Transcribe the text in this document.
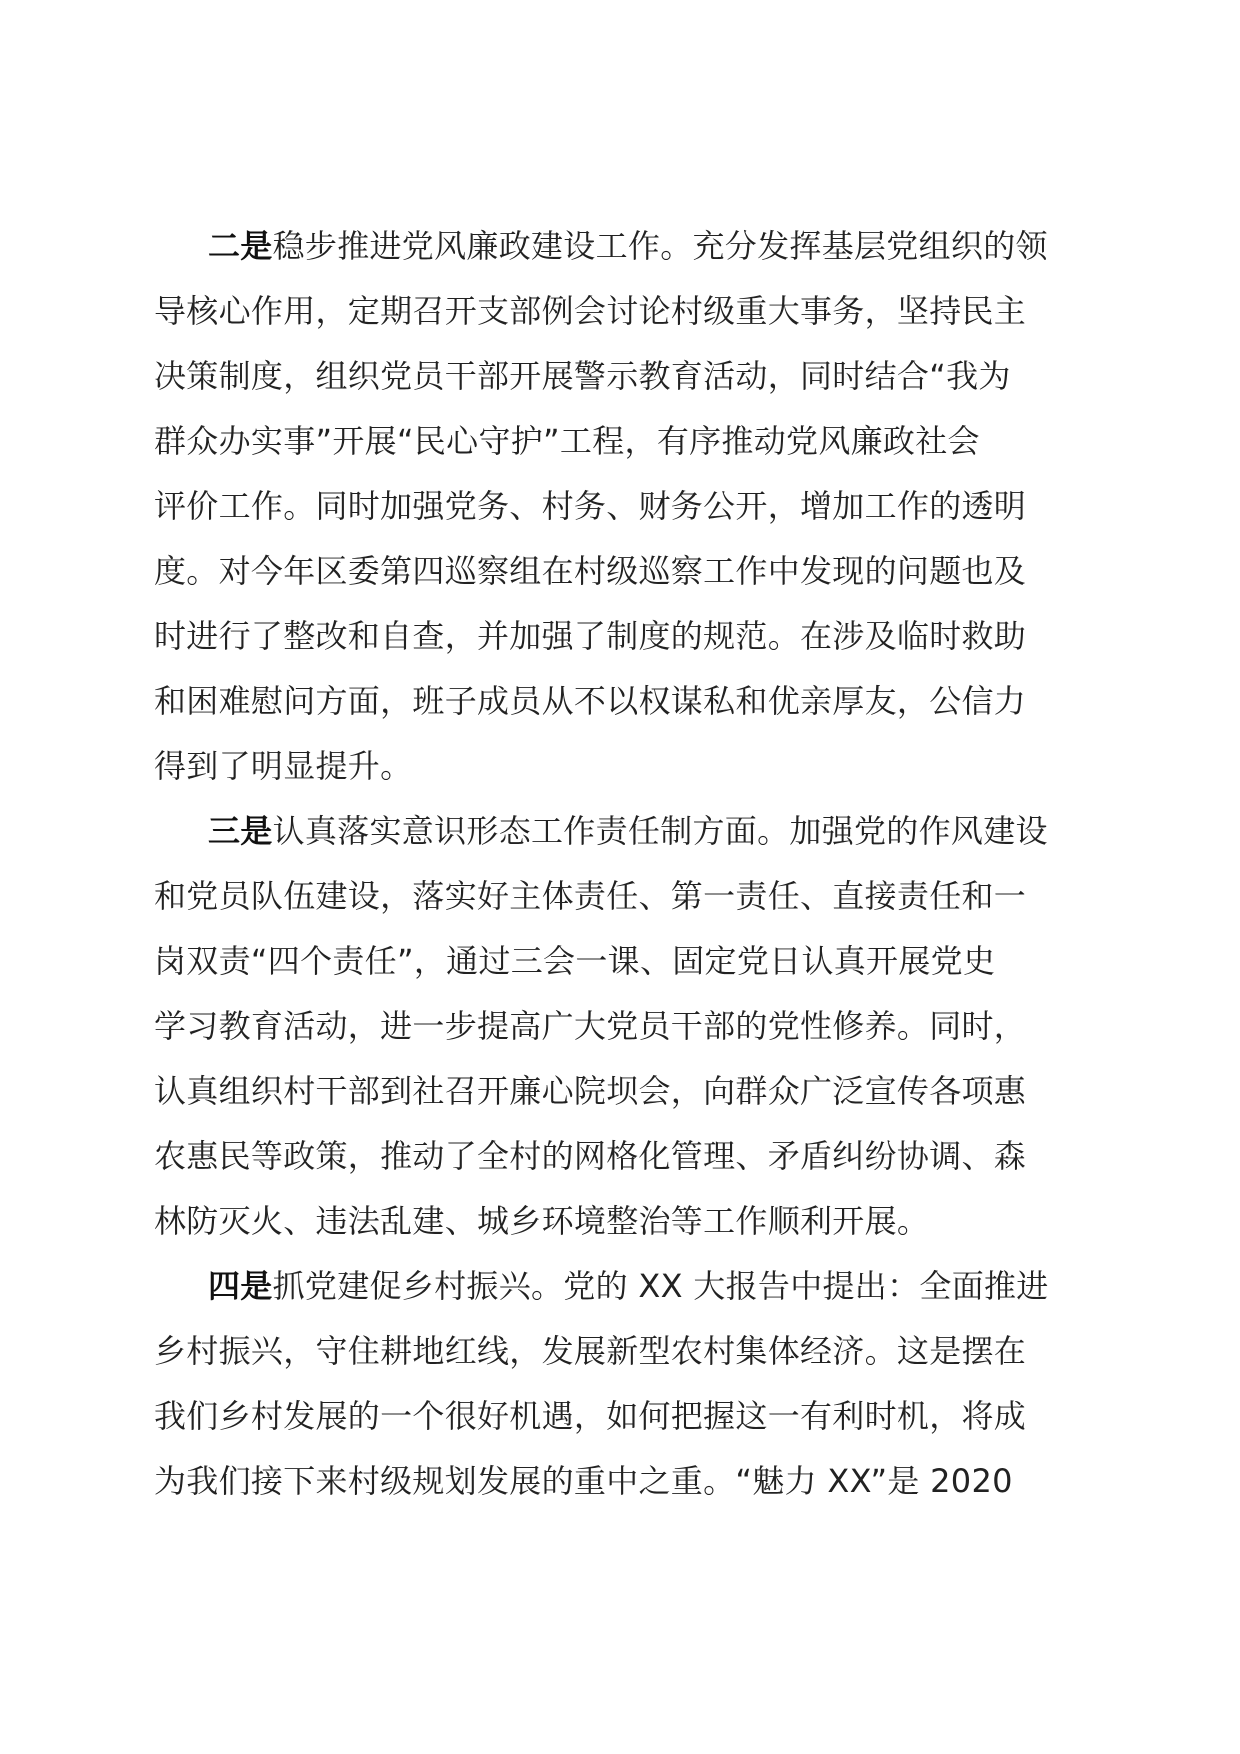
二是稳步推进党风廉政建设工作。充分发挥基层党组织的领
导核心作用，定期召开支部例会讨论村级重大事务，坚持民主
决策制度，组织党员干部开展警示教育活动，同时结合“我为
群众办实事”开展“民心守护”工程，有序推动党风廉政社会
评价工作。同时加强党务、村务、财务公开，增加工作的透明
度。对今年区委第四巡察组在村级巡察工作中发现的问题也及
时进行了整改和自查，并加强了制度的规范。在涉及临时救助
和困难慰问方面，班子成员从不以权谋私和优亲厚友，公信力
得到了明显提升。
三是认真落实意识形态工作责任制方面。加强党的作风建设
和党员队伍建设，落实好主体责任、第一责任、直接责任和一
岗双责“四个责任”，通过三会一课、固定党日认真开展党史
学习教育活动，进一步提高广大党员干部的党性修养。同时，
认真组织村干部到社召开廉心院坝会，向群众广泛宣传各项惠
农惠民等政策，推动了全村的网格化管理、矛盾纠纷协调、森
林防灭火、违法乱建、城乡环境整治等工作顺利开展。
四是抓党建促乡村振兴。党的 XX 大报告中提出：全面推进
乡村振兴，守住耕地红线，发展新型农村集体经济。这是摆在
我们乡村发展的一个很好机遇，如何把握这一有利时机，将成
为我们接下来村级规划发展的重中之重。“魅力 XX”是 2020
